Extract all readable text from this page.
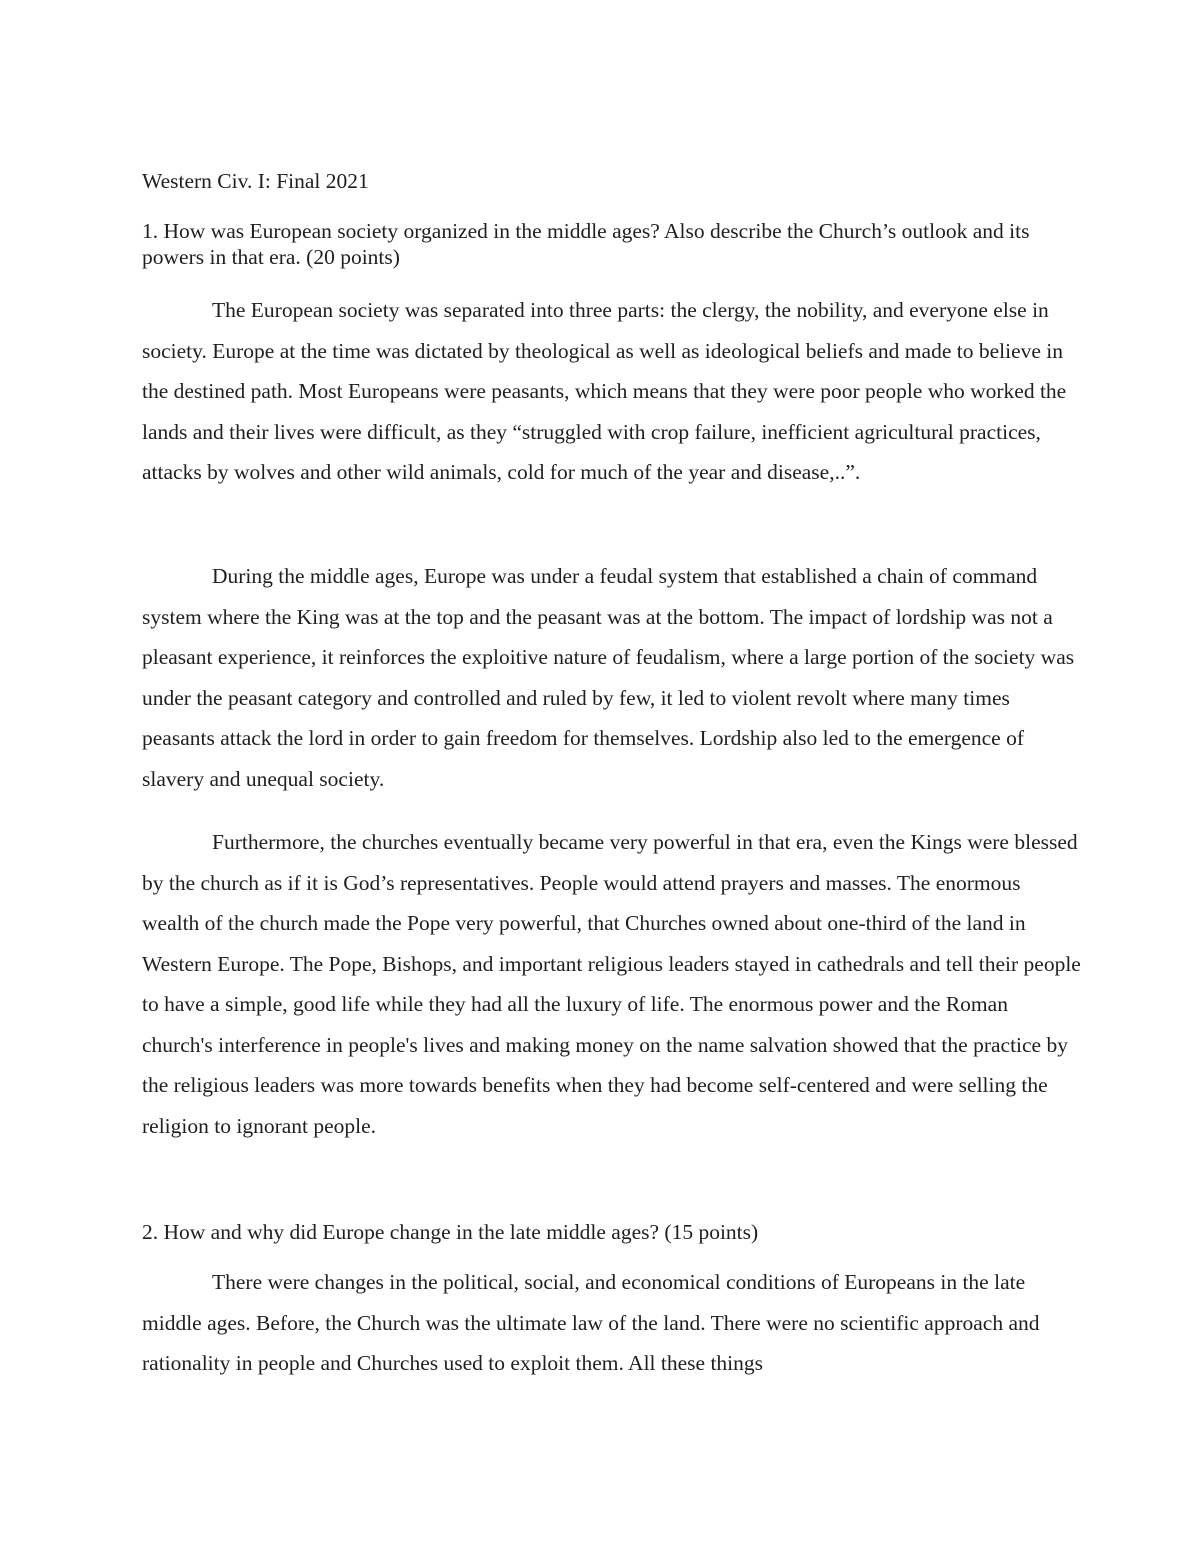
Western Civ. I: Final 2021

1. How was European society organized in the middle ages? Also describe the Church’s outlook and its powers in that era. (20 points)

The European society was separated into three parts: the clergy, the nobility, and everyone else in society. Europe at the time was dictated by theological as well as ideological beliefs and made to believe in the destined path. Most Europeans were peasants, which means that they were poor people who worked the lands and their lives were difficult, as they “struggled with crop failure, inefficient agricultural practices, attacks by wolves and other wild animals, cold for much of the year and disease,..”.

During the middle ages, Europe was under a feudal system that established a chain of command system where the King was at the top and the peasant was at the bottom. The impact of lordship was not a pleasant experience, it reinforces the exploitive nature of feudalism, where a large portion of the society was under the peasant category and controlled and ruled by few, it led to violent revolt where many times peasants attack the lord in order to gain freedom for themselves. Lordship also led to the emergence of slavery and unequal society.

Furthermore, the churches eventually became very powerful in that era, even the Kings were blessed by the church as if it is God’s representatives. People would attend prayers and masses. The enormous wealth of the church made the Pope very powerful, that Churches owned about one-third of the land in Western Europe. The Pope, Bishops, and important religious leaders stayed in cathedrals and tell their people to have a simple, good life while they had all the luxury of life. The enormous power and the Roman church's interference in people's lives and making money on the name salvation showed that the practice by the religious leaders was more towards benefits when they had become self-centered and were selling the religion to ignorant people.

2. How and why did Europe change in the late middle ages? (15 points)

There were changes in the political, social, and economical conditions of Europeans in the late middle ages. Before, the Church was the ultimate law of the land. There were no scientific approach and rationality in people and Churches used to exploit them. All these things
